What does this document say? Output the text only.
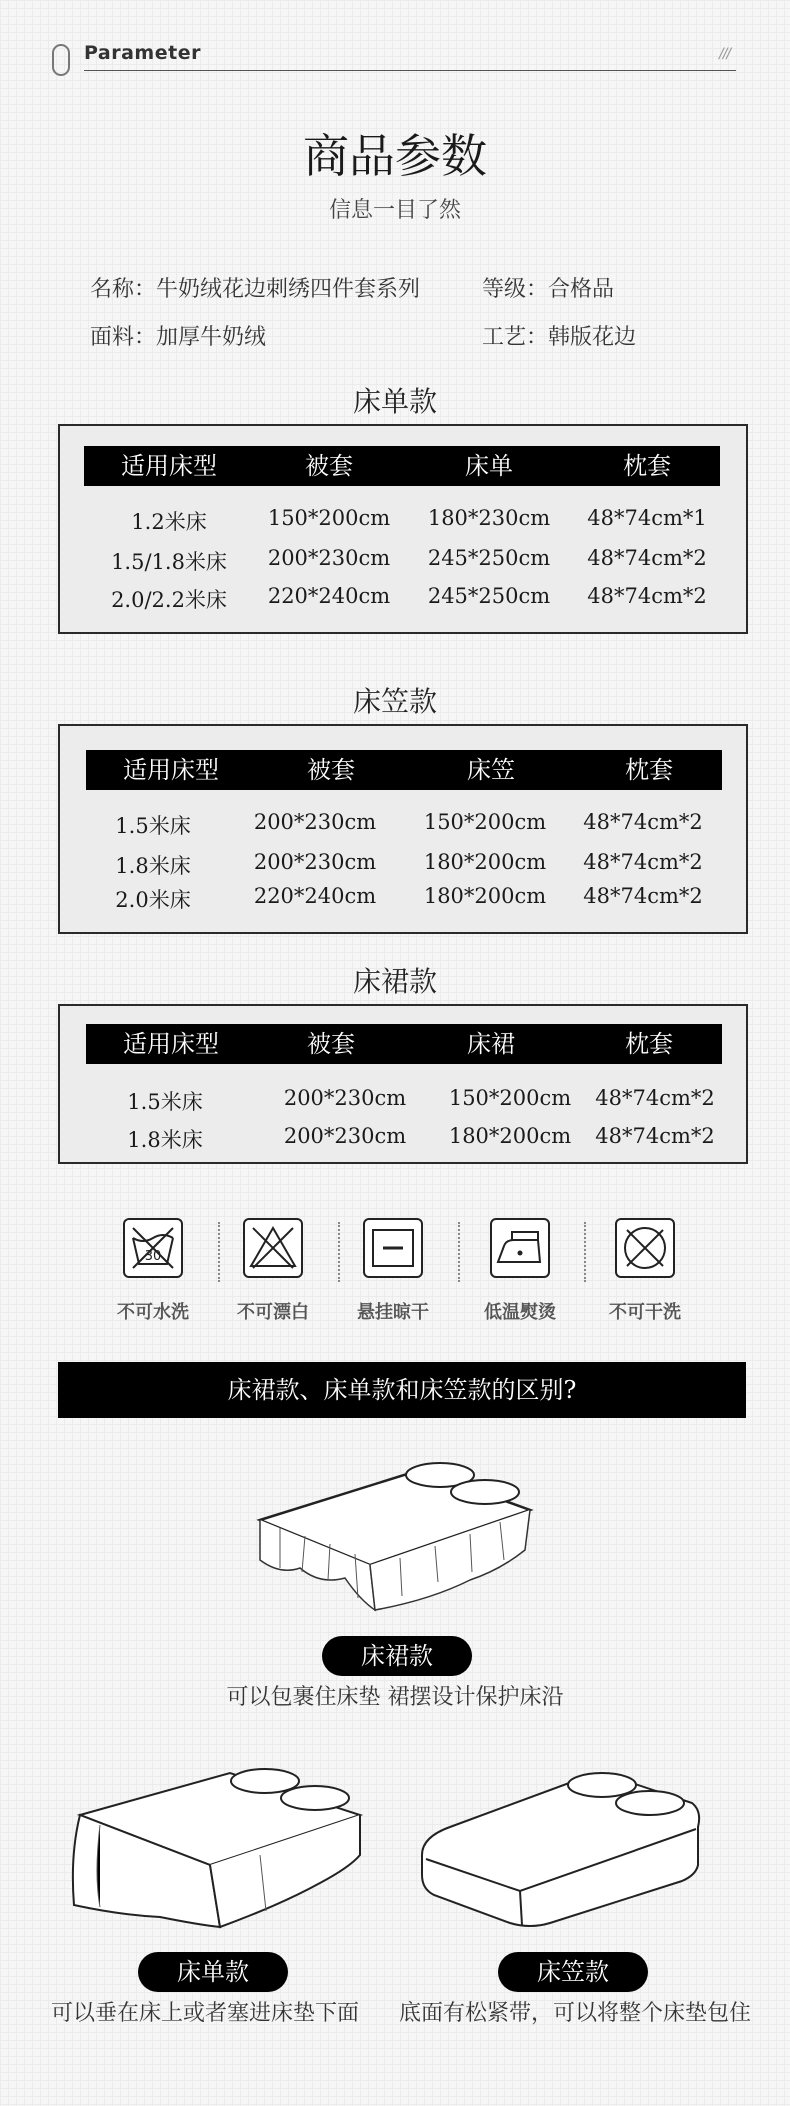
Parameter	///
商品参数
信息一目了然
名称：牛奶绒花边刺绣四件套系列	等级：合格品
面料：加厚牛奶绒	工艺：韩版花边
床单款
适用床型	被套	床单	枕套
1.2米床	150*200cm	180*230cm	48*74cm*1
1.5/1.8米床	200*230cm	245*250cm	48*74cm*2
2.0/2.2米床	220*240cm	245*250cm	48*74cm*2
床笠款
适用床型	被套	床笠	枕套
1.5米床	200*230cm	150*200cm	48*74cm*2
1.8米床	200*230cm	180*200cm	48*74cm*2
2.0米床	220*240cm	180*200cm	48*74cm*2
床裙款
适用床型	被套	床裙	枕套
1.5米床	200*230cm	150*200cm	48*74cm*2
1.8米床	200*230cm	180*200cm	48*74cm*2
30
不可水洗	不可漂白	悬挂晾干	低温熨烫	不可干洗
床裙款、床单款和床笠款的区别?
床裙款
可以包裹住床垫 裙摆设计保护床沿
床单款
可以垂在床上或者塞进床垫下面
床笠款
底面有松紧带，可以将整个床垫包住
